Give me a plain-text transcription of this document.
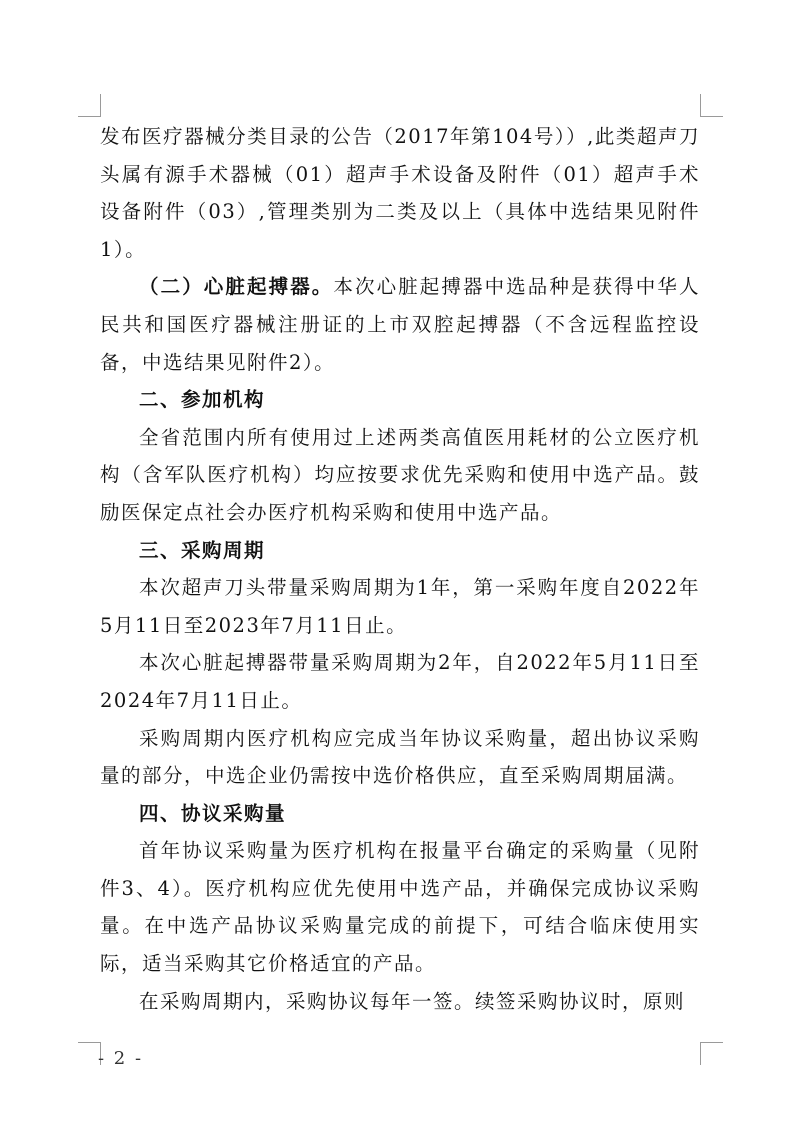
发布医疗器械分类目录的公告（2017年第104号））,此类超声刀头属有源手术器械（01）超声手术设备及附件（01）超声手术设备附件（03）,管理类别为二类及以上（具体中选结果见附件1）。

（二）心脏起搏器。本次心脏起搏器中选品种是获得中华人民共和国医疗器械注册证的上市双腔起搏器（不含远程监控设备，中选结果见附件2）。

二、参加机构

全省范围内所有使用过上述两类高值医用耗材的公立医疗机构（含军队医疗机构）均应按要求优先采购和使用中选产品。鼓励医保定点社会办医疗机构采购和使用中选产品。

三、采购周期

本次超声刀头带量采购周期为1年，第一采购年度自2022年5月11日至2023年7月11日止。

本次心脏起搏器带量采购周期为2年，自2022年5月11日至2024年7月11日止。

采购周期内医疗机构应完成当年协议采购量，超出协议采购量的部分，中选企业仍需按中选价格供应，直至采购周期届满。

四、协议采购量

首年协议采购量为医疗机构在报量平台确定的采购量（见附件3、4）。医疗机构应优先使用中选产品，并确保完成协议采购量。在中选产品协议采购量完成的前提下，可结合临床使用实际，适当采购其它价格适宜的产品。

在采购周期内，采购协议每年一签。续签采购协议时，原则

- 2 -
